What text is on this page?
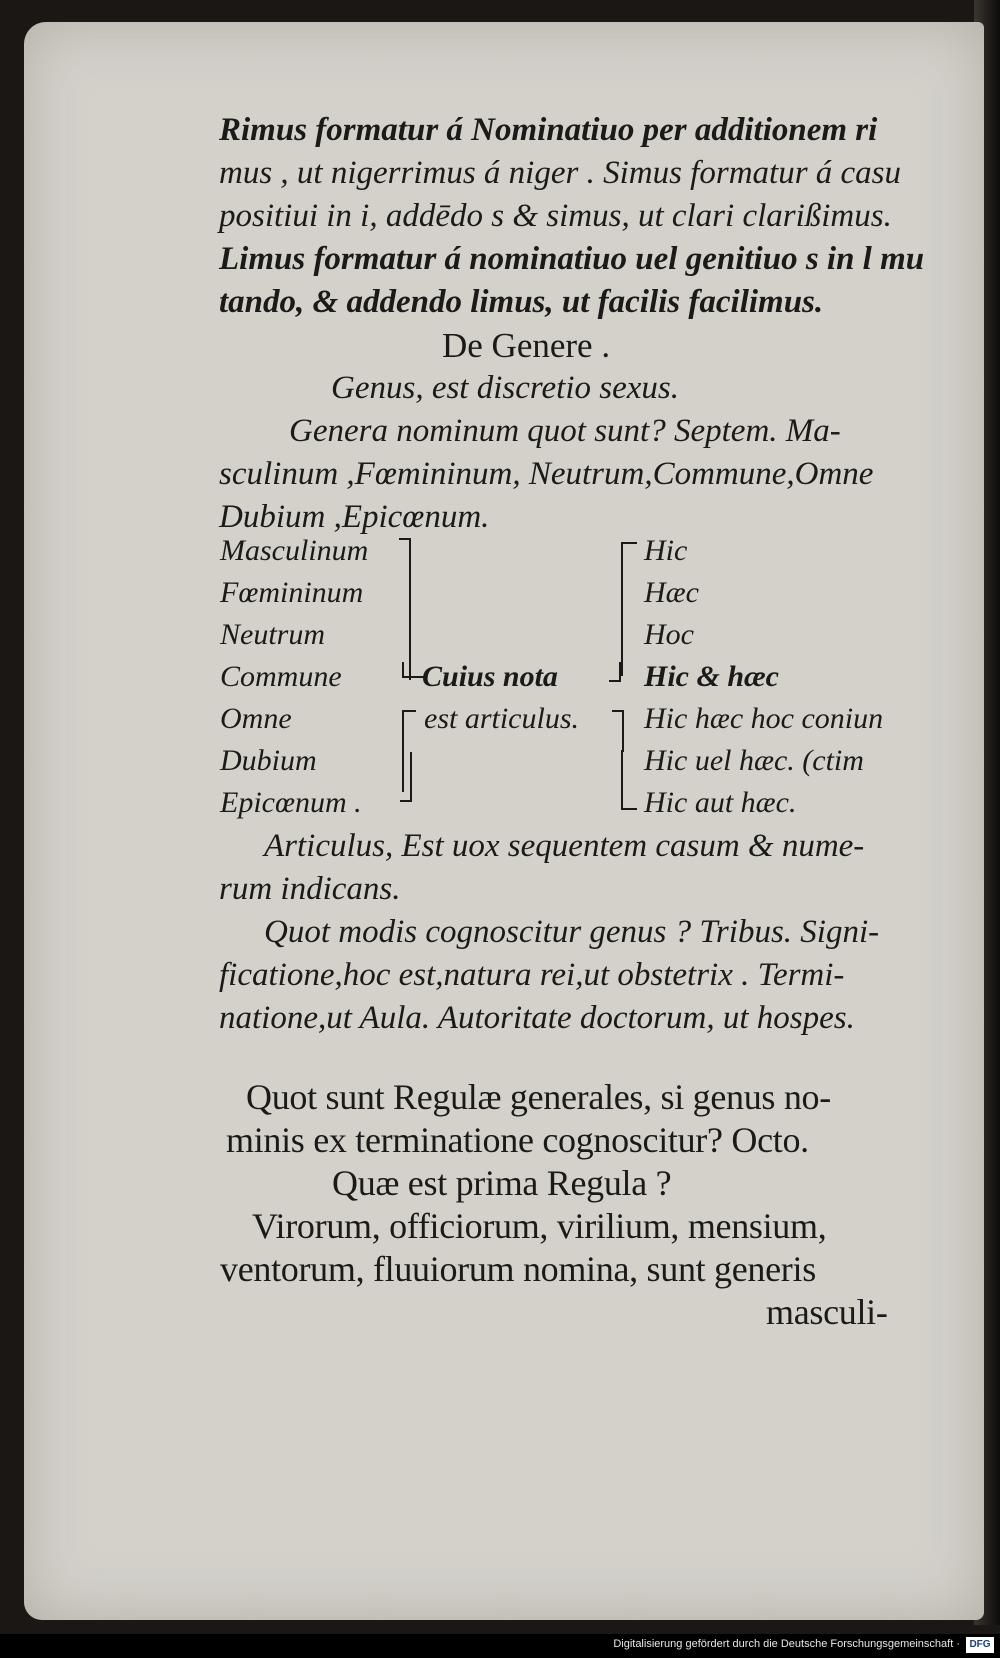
Rimus formatur á Nominatiuo per additionem ri

mus , ut nigerrimus á niger . Simus formatur á casu

positiui in i, addēdo s & simus, ut clari clarißimus.

Limus formatur á nominatiuo uel genitiuo s in l mu

tando, & addendo limus, ut facilis facilimus.

De Genere .

Genus, est discretio sexus.

Genera nominum quot sunt? Septem. Ma-

sculinum ,Fœmininum, Neutrum,Commune,Omne

Dubium ,Epicœnum.

Masculinum
Fœmininum
Neutrum
Commune
Omne
Dubium
Epicœnum .
Cuius nota
est articulus.
Hic
Hæc
Hoc
Hic & hæc
Hic hæc hoc coniun
Hic uel hæc. (ctim
Hic aut hæc.

Articulus, Est uox sequentem casum & nume-

rum indicans.

Quot modis cognoscitur genus ? Tribus. Signi-

ficatione,hoc est,natura rei,ut obstetrix . Termi-

natione,ut Aula. Autoritate doctorum, ut hospes.

Quot sunt Regulæ generales, si genus no-

minis ex terminatione cognoscitur? Octo.

Quæ est prima Regula ?

Virorum, officiorum, virilium, mensium,

ventorum, fluuiorum nomina, sunt generis

masculi-

Digitalisierung gefördert durch die Deutsche Forschungsgemeinschaft · DFG
